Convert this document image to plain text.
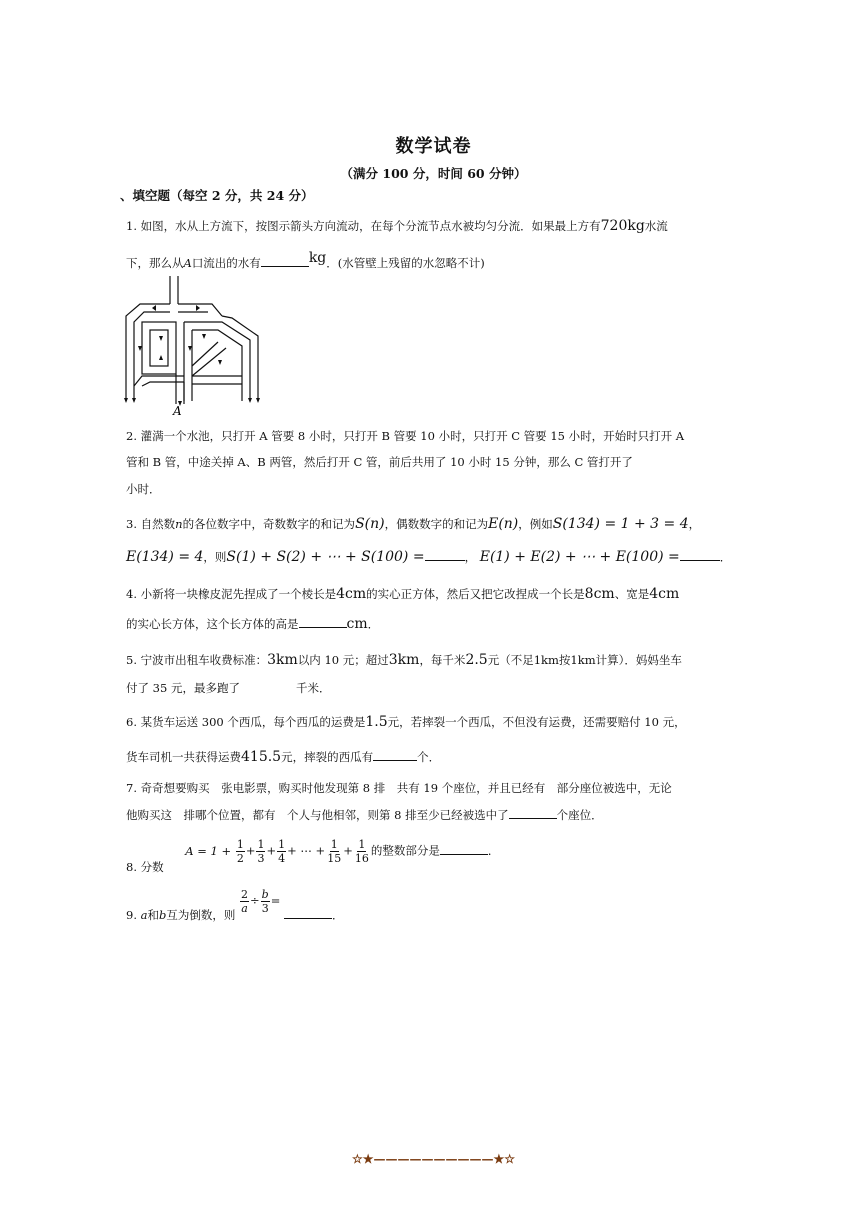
数学试卷
（满分 100 分，时间 60 分钟）
、填空题（每空 2 分，共 24 分）
1. 如图，水从上方流下，按图示箭头方向流动，在每个分流节点水被均匀分流．如果最上方有720kg水流
下，那么从A口流出的水有	kg．(水管壁上残留的水忽略不计)
A
2. 灌满一个水池，只打开 A 管要 8 小时，只打开 B 管要 10 小时，只打开 C 管要 15 小时，开始时只打开 A
管和 B 管，中途关掉 A、B 两管，然后打开 C 管，前后共用了 10 小时 15 分钟，那么 C 管打开了
小时．
3. 自然数n的各位数字中，奇数数字的和记为S(n)，偶数数字的和记为E(n)，例如S(134) = 1 + 3 = 4，
E(134) = 4，则S(1) + S(2) + ⋯ + S(100) =	， E(1) + E(2) + ⋯ + E(100) =	．
4. 小新将一块橡皮泥先捏成了一个棱长是4cm的实心正方体，然后又把它改捏成一个长是8cm、宽是4cm
的实心长方体，这个长方体的高是	cm．
5. 宁波市出租车收费标准：3km以内 10 元；超过3km，每千米2.5元（不足1km按1km计算）．妈妈坐车
付了 35 元，最多跑了	千米．
6. 某货车运送 300 个西瓜，每个西瓜的运费是1.5元，若摔裂一个西瓜，不但没有运费，还需要赔付 10 元，
货车司机一共获得运费415.5元，摔裂的西瓜有	个．
7. 奇奇想要购买　张电影票，购买时他发现第 8 排　共有 19 个座位，并且已经有　部分座位被选中，无论
他购买这　排哪个位置，都有　个人与他相邻，则第 8 排至少已经被选中了	个座位．
8. 分数 $A = 1 + \frac{1}{2} + \frac{1}{3} + \frac{1}{4}$ + ⋯ + $\frac{1}{15} + \frac{1}{16}$ 的整数部分是	．
9. a和b互为倒数，则 $\frac{2}{a} \div \frac{b}{3}$ = ．
☆★——————————★☆
